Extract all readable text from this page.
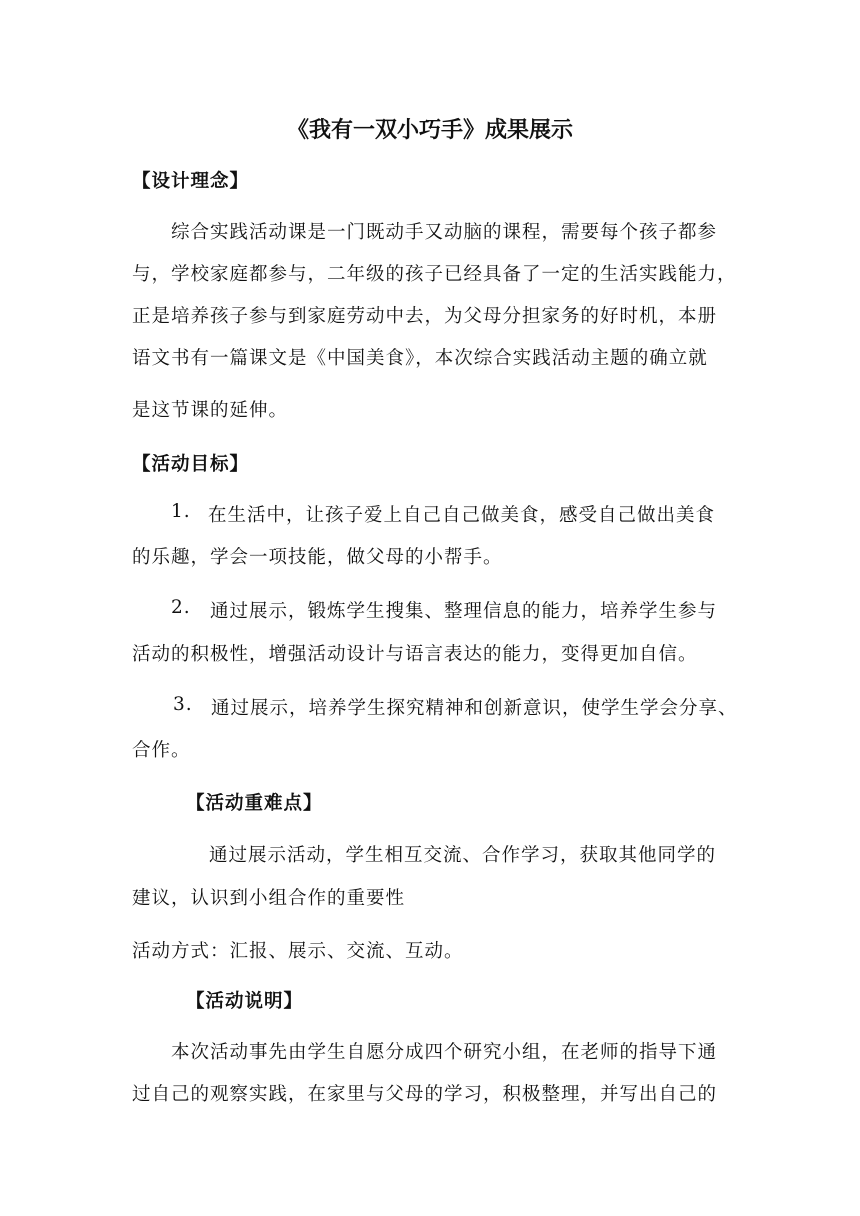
《我有一双小巧手》成果展示
【设计理念】
综合实践活动课是一门既动手又动脑的课程，需要每个孩子都参
与，学校家庭都参与，二年级的孩子已经具备了一定的生活实践能力，
正是培养孩子参与到家庭劳动中去，为父母分担家务的好时机，本册
语文书有一篇课文是《中国美食》，本次综合实践活动主题的确立就
是这节课的延伸。
【活动目标】
1. 在生活中，让孩子爱上自己自己做美食，感受自己做出美食
的乐趣，学会一项技能，做父母的小帮手。
2. 通过展示，锻炼学生搜集、整理信息的能力，培养学生参与
活动的积极性，增强活动设计与语言表达的能力，变得更加自信。
3. 通过展示，培养学生探究精神和创新意识，使学生学会分享、
合作。
【活动重难点】
通过展示活动，学生相互交流、合作学习，获取其他同学的
建议，认识到小组合作的重要性
活动方式：汇报、展示、交流、互动。
【活动说明】
本次活动事先由学生自愿分成四个研究小组，在老师的指导下通
过自己的观察实践，在家里与父母的学习，积极整理，并写出自己的
